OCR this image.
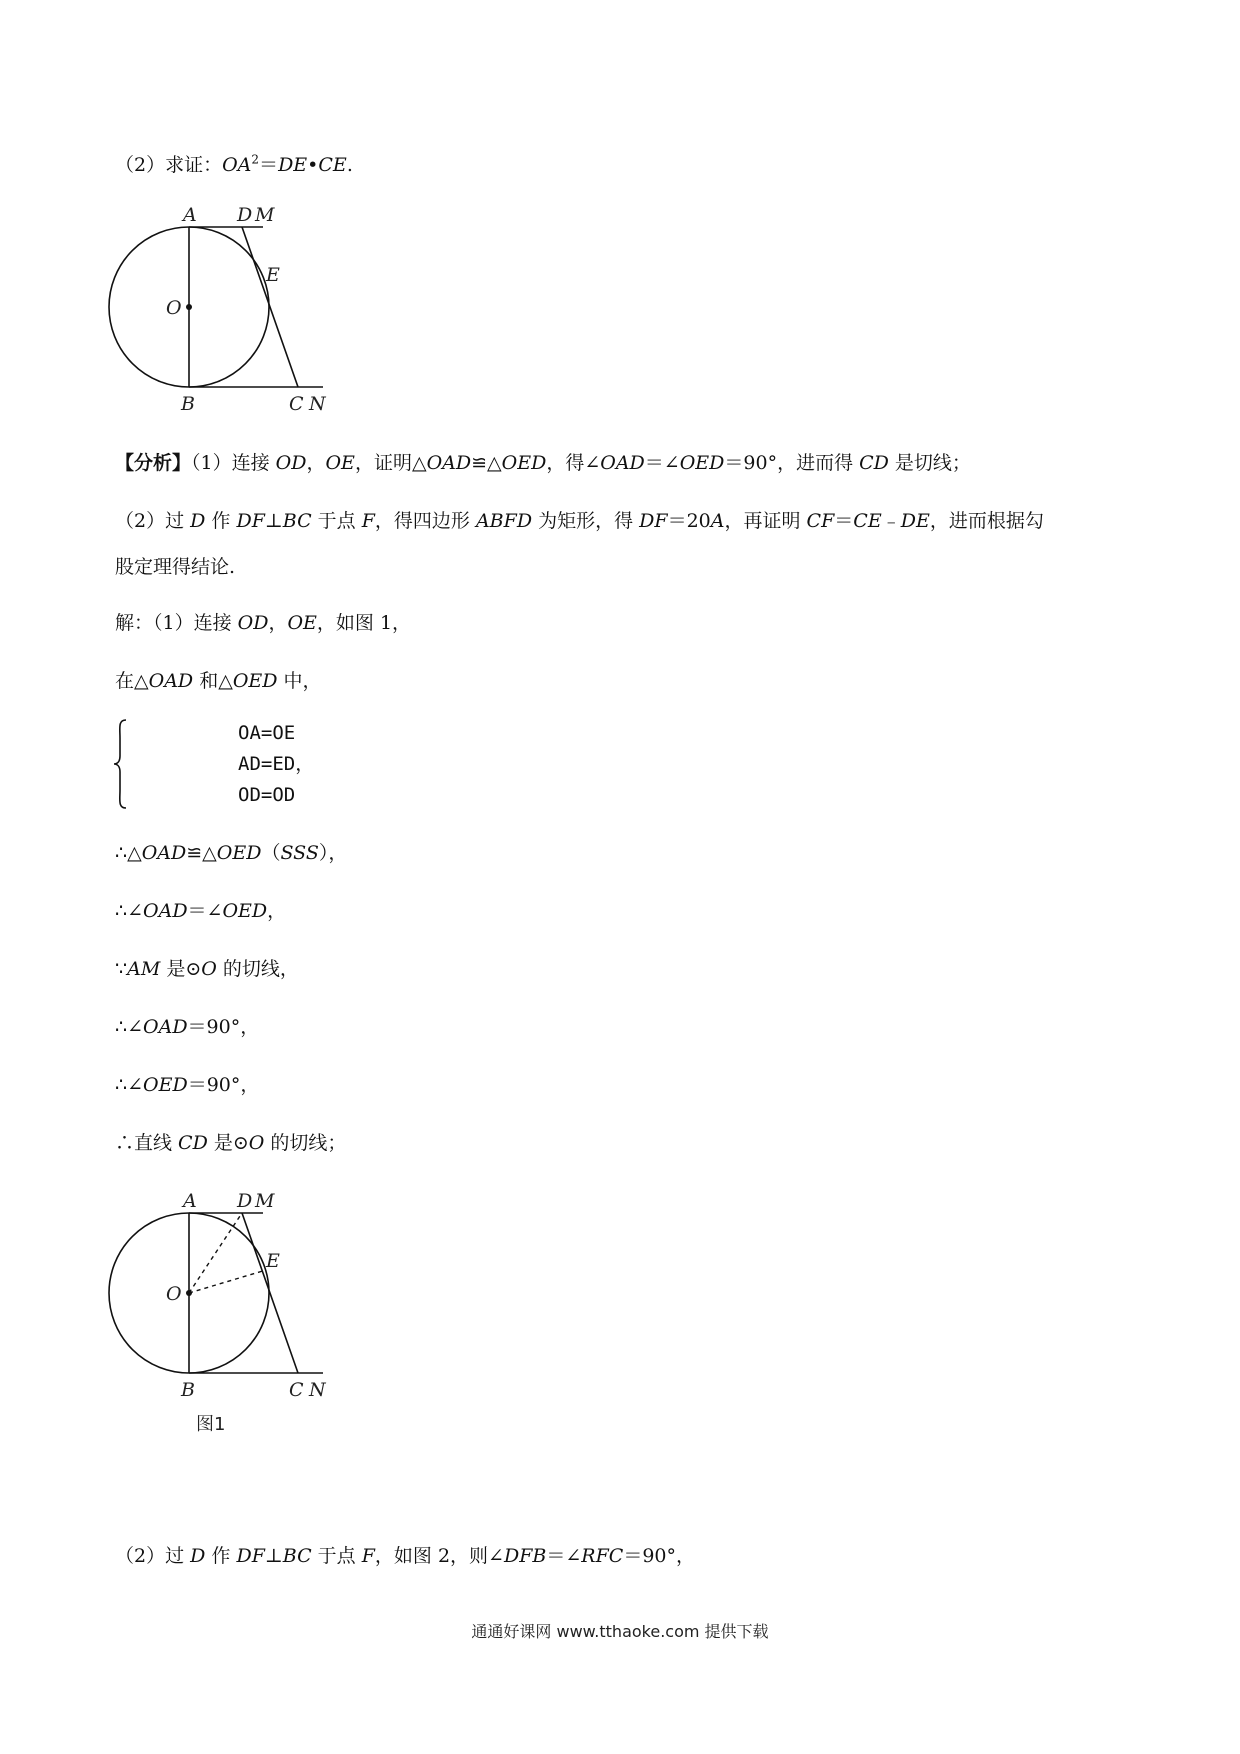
（2）求证：$OA^2=DE•CE$.
A D M
E
O
B	C N
【分析】（1）连接 OD，OE，证明△OAD≌△OED，得∠OAD＝∠OED＝90°，进而得 CD 是切线；
（2）过 D 作 DF⊥BC 于点 F，得四边形 ABFD 为矩形，得 DF＝20A，再证明 CF＝CE﹣DE，进而根据勾
股定理得结论.
解：（1）连接 OD，OE，如图 1，
在△OAD 和△OED 中，
OA=OE
AD=ED，
OD=OD
∴△OAD≌△OED（SSS），
∴∠OAD＝∠OED，
∵AM 是⊙O 的切线，
∴∠OAD＝90°，
∴∠OED＝90°，
∴直线 CD 是⊙O 的切线；
A D M
E
O
B	C N
图1
（2）过 D 作 DF⊥BC 于点 F，如图 2，则∠DFB＝∠RFC＝90°，
通通好课网 www.tthaoke.com 提供下载
